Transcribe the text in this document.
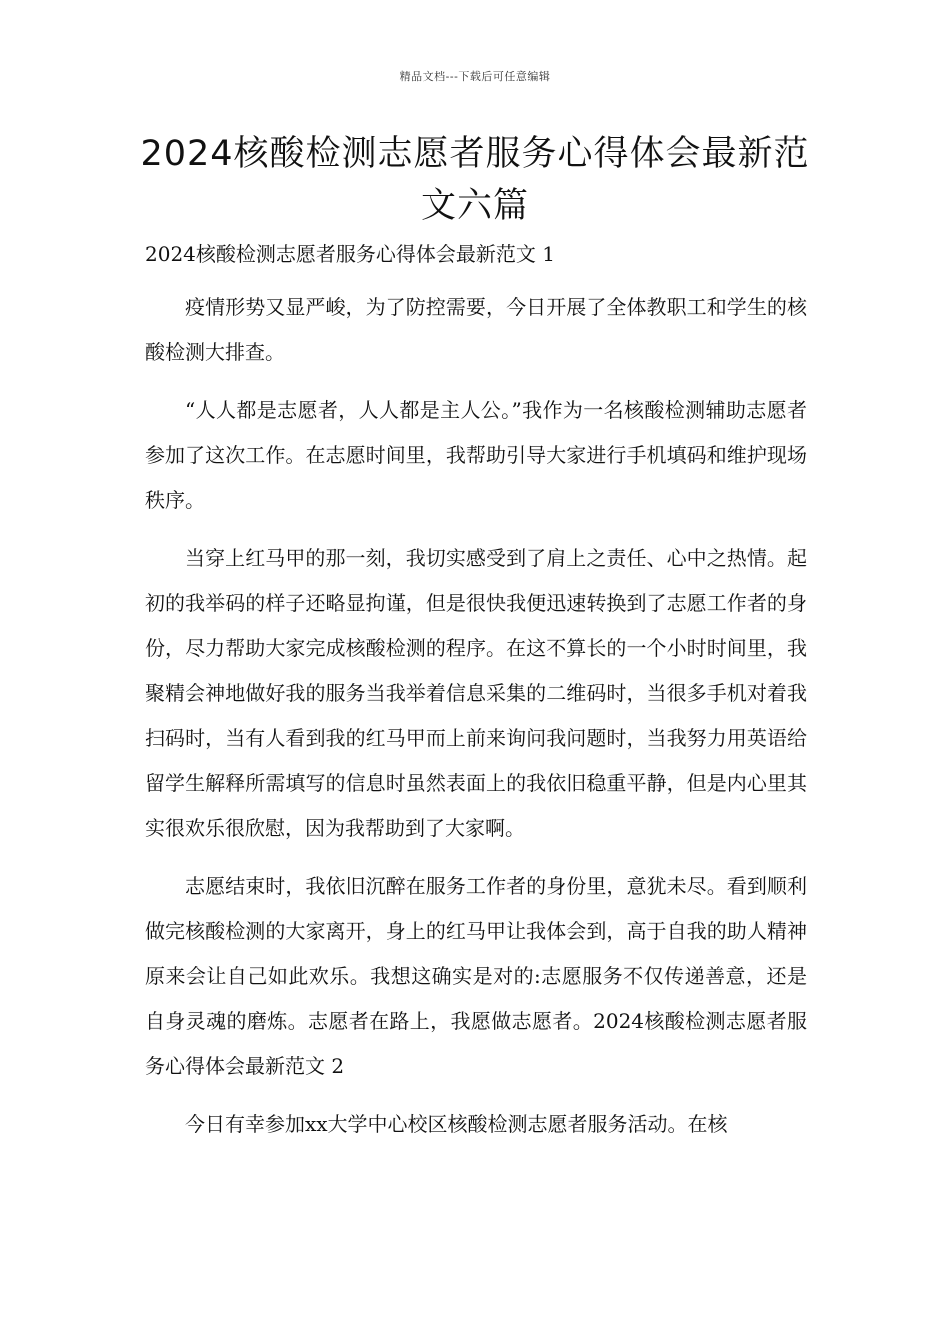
精品文档---下载后可任意编辑
2024核酸检测志愿者服务心得体会最新范文六篇

2024核酸检测志愿者服务心得体会最新范文 1

疫情形势又显严峻，为了防控需要，今日开展了全体教职工和学生的核酸检测大排查。

“人人都是志愿者，人人都是主人公。”我作为一名核酸检测辅助志愿者参加了这次工作。在志愿时间里，我帮助引导大家进行手机填码和维护现场秩序。

当穿上红马甲的那一刻，我切实感受到了肩上之责任、心中之热情。起初的我举码的样子还略显拘谨，但是很快我便迅速转换到了志愿工作者的身份，尽力帮助大家完成核酸检测的程序。在这不算长的一个小时时间里，我聚精会神地做好我的服务当我举着信息采集的二维码时，当很多手机对着我扫码时，当有人看到我的红马甲而上前来询问我问题时，当我努力用英语给留学生解释所需填写的信息时虽然表面上的我依旧稳重平静，但是内心里其实很欢乐很欣慰，因为我帮助到了大家啊。

志愿结束时，我依旧沉醉在服务工作者的身份里，意犹未尽。看到顺利做完核酸检测的大家离开，身上的红马甲让我体会到，高于自我的助人精神原来会让自己如此欢乐。我想这确实是对的:志愿服务不仅传递善意，还是自身灵魂的磨炼。志愿者在路上，我愿做志愿者。2024核酸检测志愿者服务心得体会最新范文 2

今日有幸参加xx大学中心校区核酸检测志愿者服务活动。在核
